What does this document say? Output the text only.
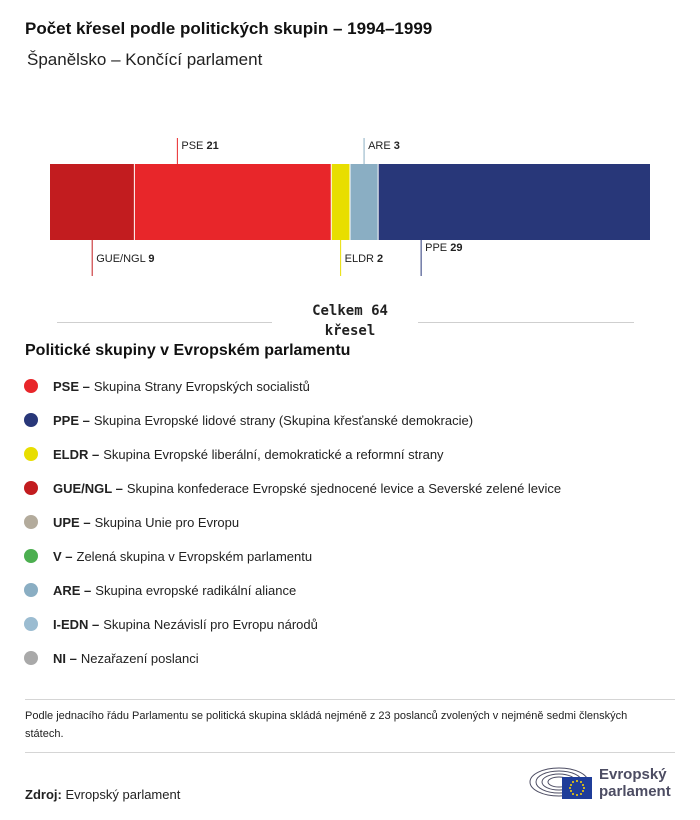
Počet křesel podle politických skupin – 1994–1999
Španělsko – Končící parlament
GUE/NGL 9
PSE 21
ELDR 2
ARE 3
PPE 29
Celkem 64
křesel
Politické skupiny v Evropském parlamentu
PSE – Skupina Strany Evropských socialistů
PPE – Skupina Evropské lidové strany (Skupina křesťanské demokracie)
ELDR – Skupina Evropské liberální, demokratické a reformní strany
GUE/NGL – Skupina konfederace Evropské sjednocené levice a Severské zelené levice
UPE – Skupina Unie pro Evropu
V – Zelená skupina v Evropském parlamentu
ARE – Skupina evropské radikální aliance
I-EDN – Skupina Nezávislí pro Evropu národů
NI – Nezařazení poslanci
Podle jednacího řádu Parlamentu se politická skupina skládá nejméně z 23 poslanců zvolených v nejméně sedmi členských státech.
Zdroj: Evropský parlament
Evropský
parlament
